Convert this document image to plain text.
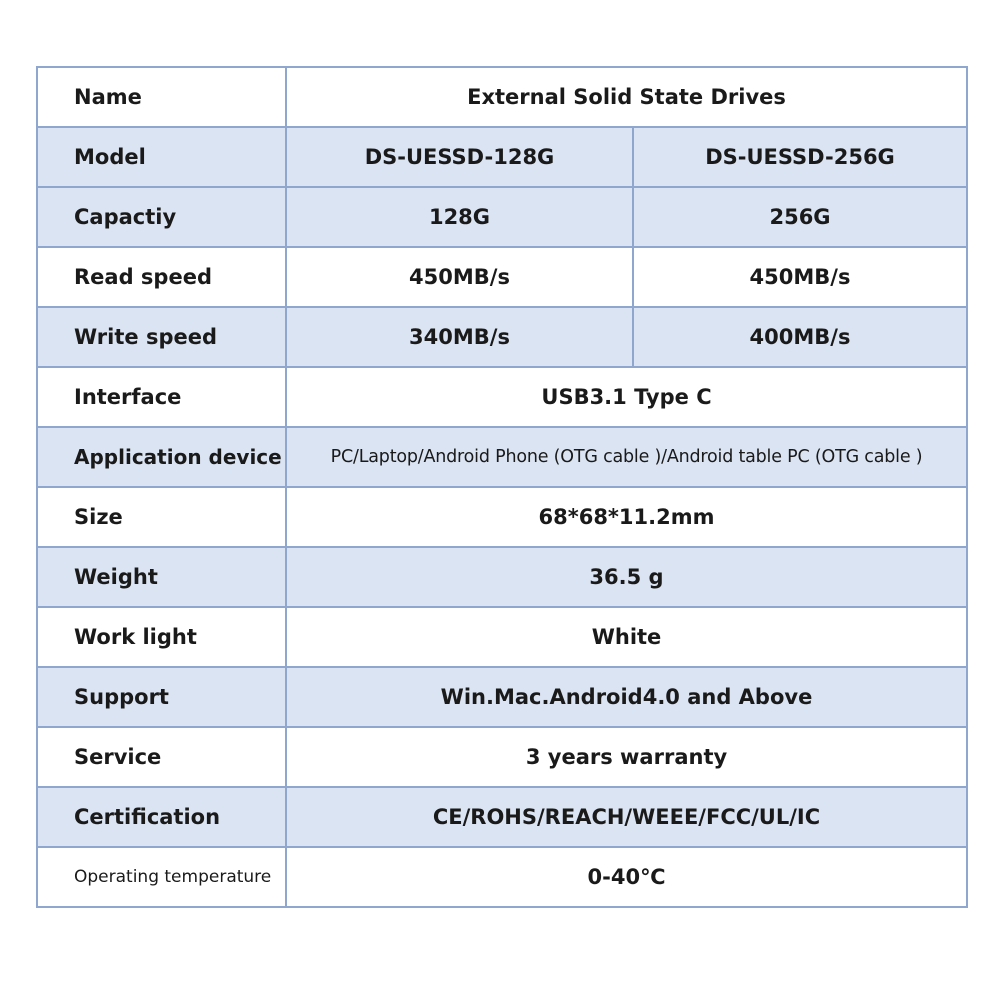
Name	External Solid State Drives	
Model	DS-UESSD-128G	DS-UESSD-256G
Capactiy	128G	256G
Read speed	450MB/s	450MB/s
Write speed	340MB/s	400MB/s
Interface	USB3.1 Type C	
Application device	PC/Laptop/Android Phone (OTG cable )/Android table PC (OTG cable )	
Size	68*68*11.2mm	
Weight	36.5 g	
Work light	White	
Support	Win.Mac.Android4.0 and Above	
Service	3 years warranty	
Certification	CE/ROHS/REACH/WEEE/FCC/UL/IC	
Operating temperature	0-40℃	
